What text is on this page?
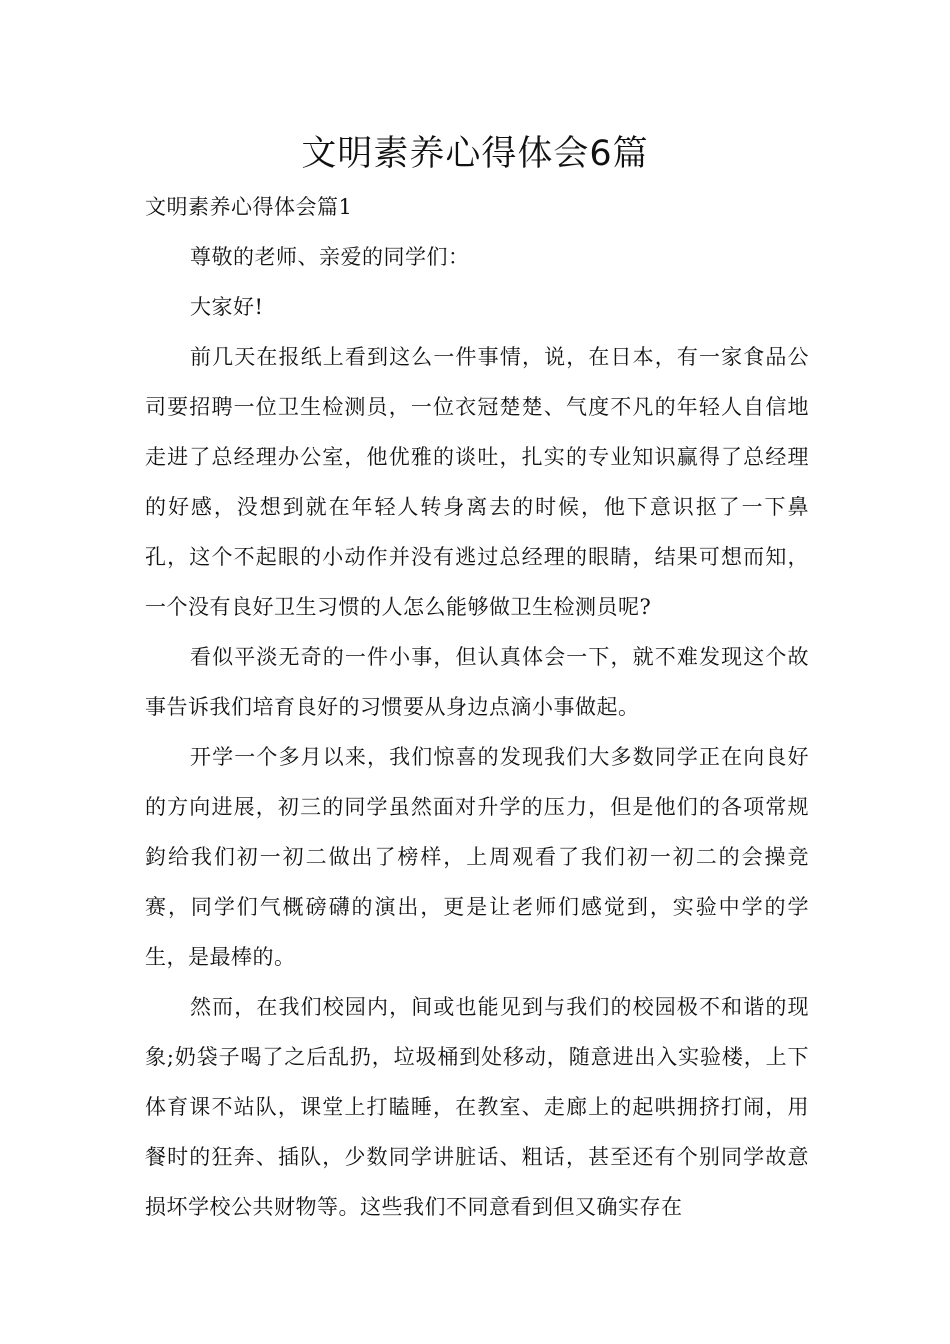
文明素养心得体会6篇

文明素养心得体会篇1

尊敬的老师、亲爱的同学们：

大家好!

前几天在报纸上看到这么一件事情，说，在日本，有一家食品公司要招聘一位卫生检测员，一位衣冠楚楚、气度不凡的年轻人自信地走进了总经理办公室，他优雅的谈吐，扎实的专业知识赢得了总经理的好感，没想到就在年轻人转身离去的时候，他下意识抠了一下鼻孔，这个不起眼的小动作并没有逃过总经理的眼睛，结果可想而知，一个没有良好卫生习惯的人怎么能够做卫生检测员呢?

看似平淡无奇的一件小事，但认真体会一下，就不难发现这个故事告诉我们培育良好的习惯要从身边点滴小事做起。

开学一个多月以来，我们惊喜的发现我们大多数同学正在向良好的方向进展，初三的同学虽然面对升学的压力，但是他们的各项常规鈞给我们初一初二做出了榜样，上周观看了我们初一初二的会操竞赛，同学们气概磅礴的演出，更是让老师们感觉到，实验中学的学生，是最棒的。

然而，在我们校园内，间或也能见到与我们的校园极不和谐的现象;奶袋子喝了之后乱扔，垃圾桶到处移动，随意进出入实验楼，上下体育课不站队，课堂上打瞌睡，在教室、走廊上的起哄拥挤打闹，用餐时的狂奔、插队，少数同学讲脏话、粗话，甚至还有个别同学故意损坏学校公共财物等。这些我们不同意看到但又确实存在
